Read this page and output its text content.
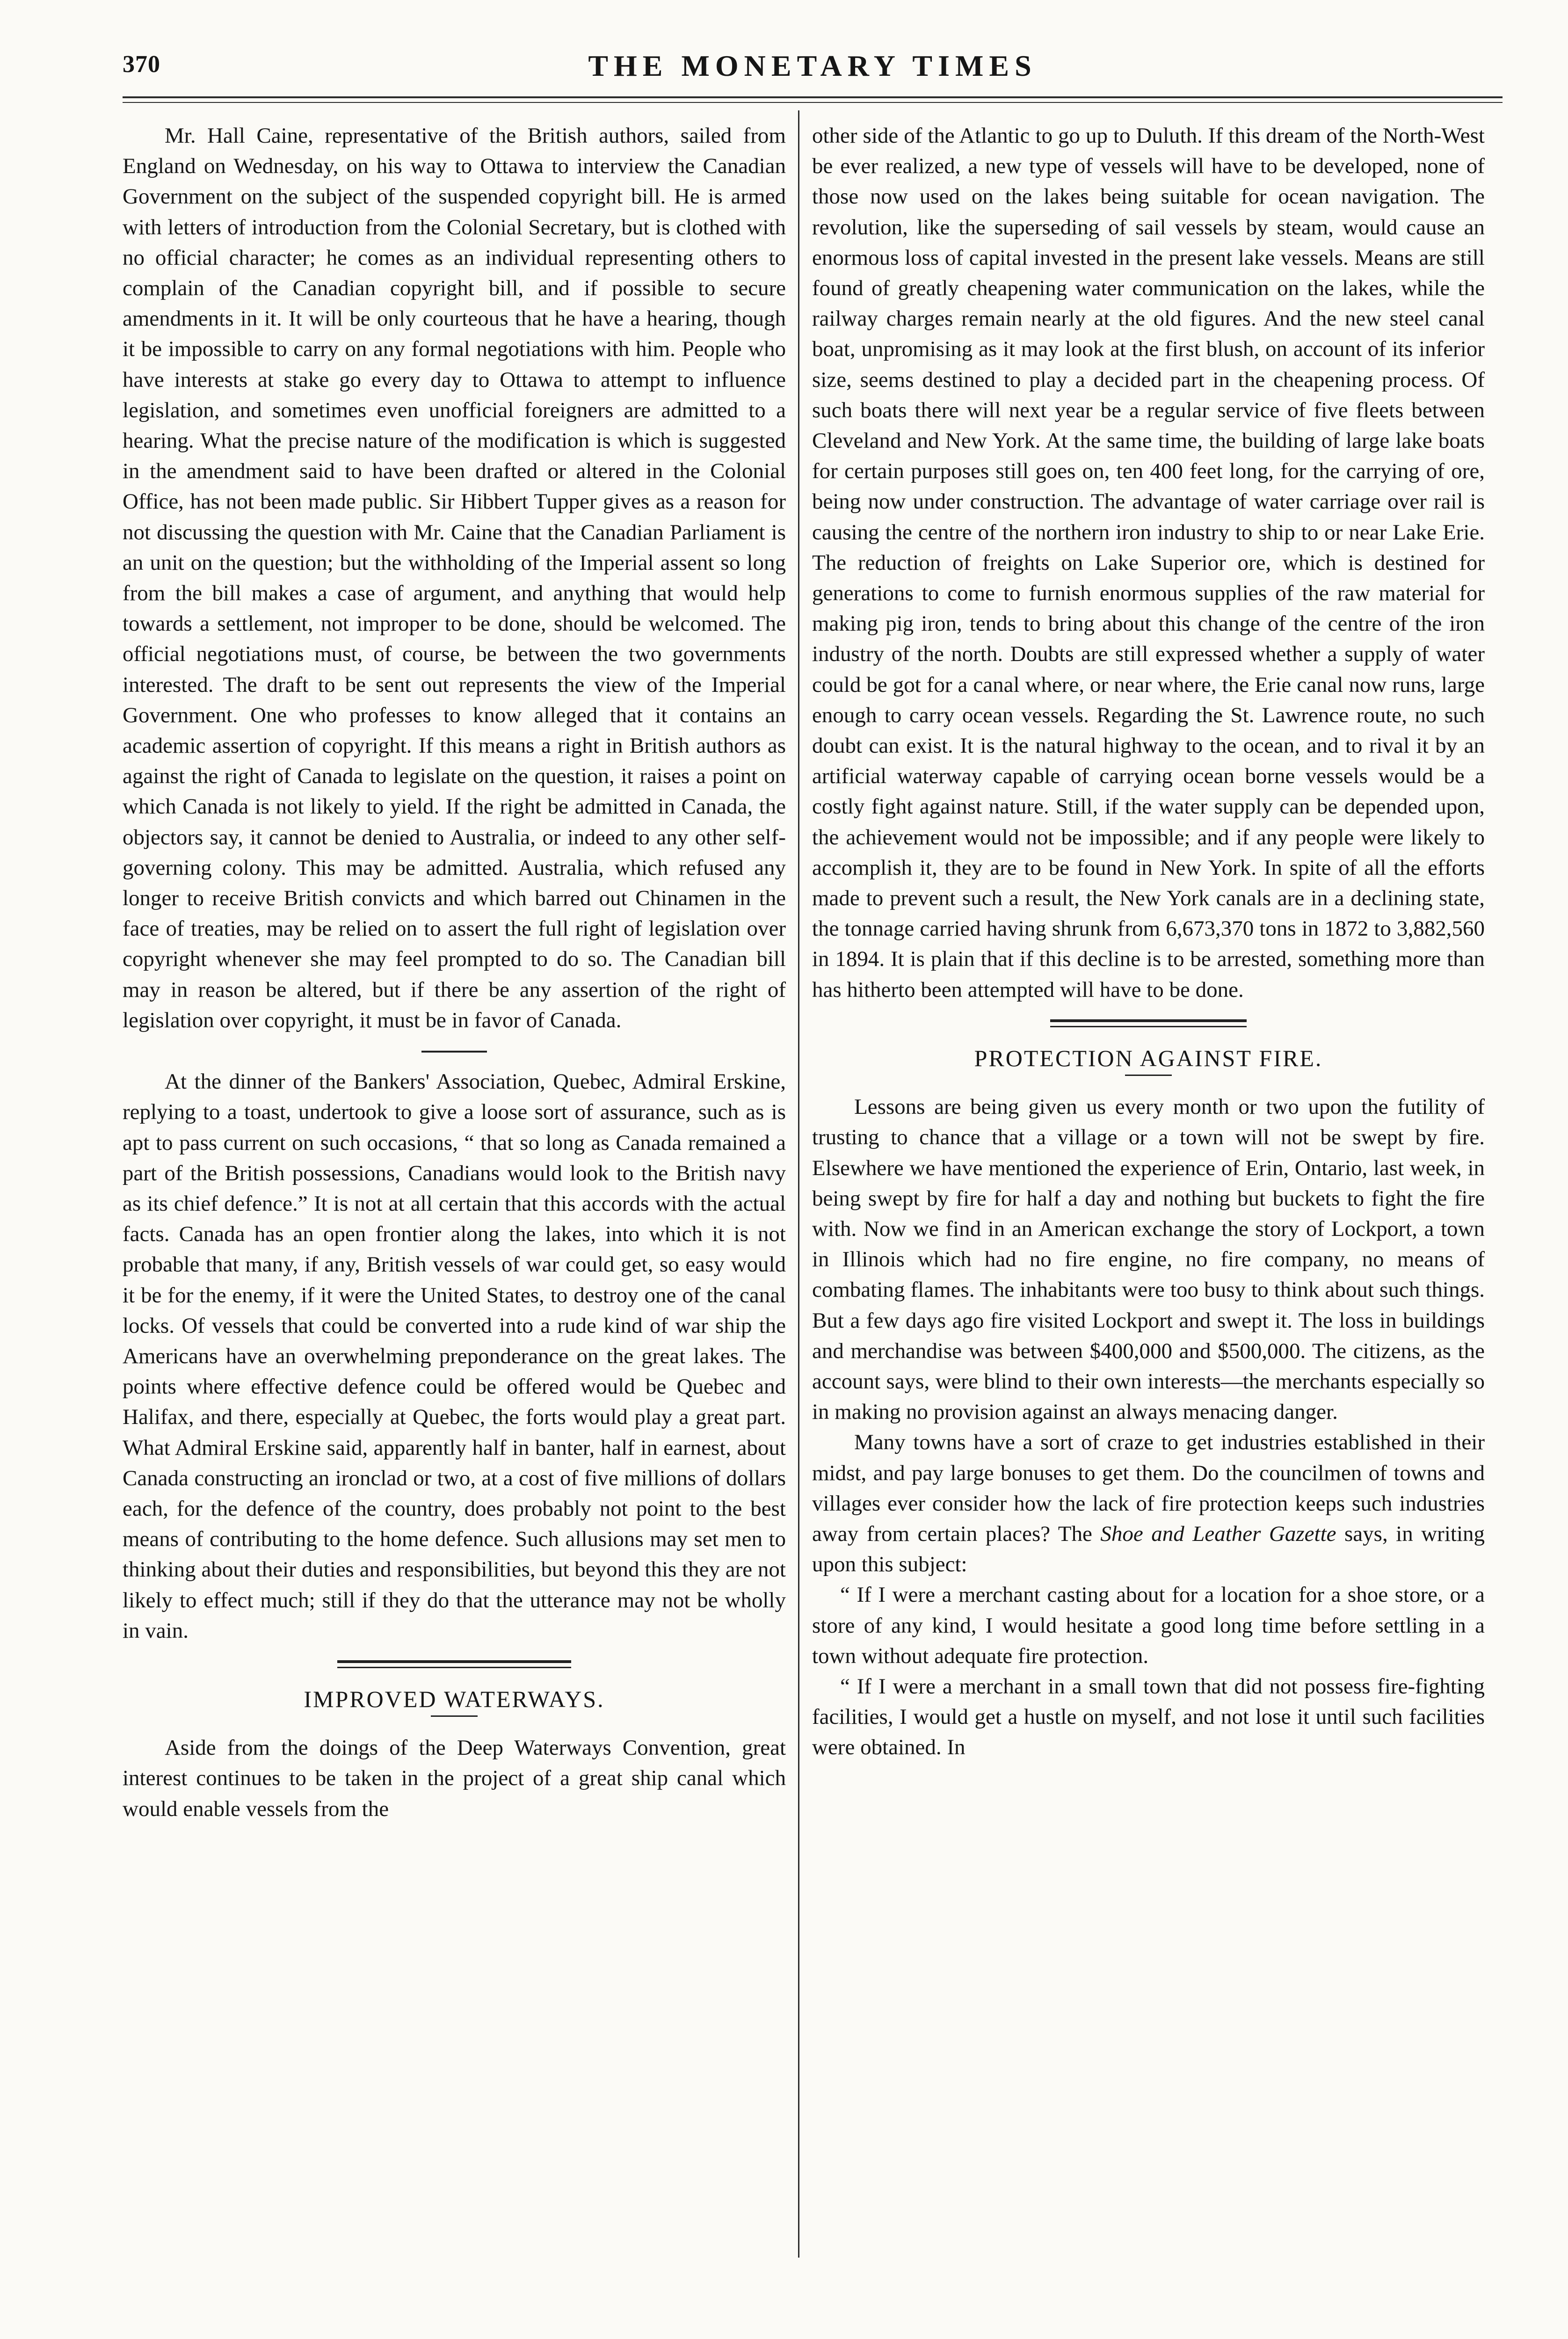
370	THE MONETARY TIMES

Mr. Hall Caine, representative of the British authors, sailed from England on Wednesday, on his way to Ottawa to interview the Canadian Government on the subject of the suspended copyright bill. He is armed with letters of introduction from the Colonial Secretary, but is clothed with no official character; he comes as an individual representing others to complain of the Canadian copyright bill, and if possible to secure amendments in it. It will be only courteous that he have a hearing, though it be impossible to carry on any formal negotiations with him. People who have interests at stake go every day to Ottawa to attempt to influence legislation, and sometimes even unofficial foreigners are admitted to a hearing. What the precise nature of the modification is which is suggested in the amendment said to have been drafted or altered in the Colonial Office, has not been made public. Sir Hibbert Tupper gives as a reason for not discussing the question with Mr. Caine that the Canadian Parliament is an unit on the question; but the withholding of the Imperial assent so long from the bill makes a case of argument, and anything that would help towards a settlement, not improper to be done, should be welcomed. The official negotiations must, of course, be between the two governments interested. The draft to be sent out represents the view of the Imperial Government. One who professes to know alleged that it contains an academic assertion of copyright. If this means a right in British authors as against the right of Canada to legislate on the question, it raises a point on which Canada is not likely to yield. If the right be admitted in Canada, the objectors say, it cannot be denied to Australia, or indeed to any other self-governing colony. This may be admitted. Australia, which refused any longer to receive British convicts and which barred out Chinamen in the face of treaties, may be relied on to assert the full right of legislation over copyright whenever she may feel prompted to do so. The Canadian bill may in reason be altered, but if there be any assertion of the right of legislation over copyright, it must be in favor of Canada.

At the dinner of the Bankers' Association, Quebec, Admiral Erskine, replying to a toast, undertook to give a loose sort of assurance, such as is apt to pass current on such occasions, “ that so long as Canada remained a part of the British possessions, Canadians would look to the British navy as its chief defence.” It is not at all certain that this accords with the actual facts. Canada has an open frontier along the lakes, into which it is not probable that many, if any, British vessels of war could get, so easy would it be for the enemy, if it were the United States, to destroy one of the canal locks. Of vessels that could be converted into a rude kind of war ship the Americans have an overwhelming preponderance on the great lakes. The points where effective defence could be offered would be Quebec and Halifax, and there, especially at Quebec, the forts would play a great part. What Admiral Erskine said, apparently half in banter, half in earnest, about Canada constructing an ironclad or two, at a cost of five millions of dollars each, for the defence of the country, does probably not point to the best means of contributing to the home defence. Such allusions may set men to thinking about their duties and responsibilities, but beyond this they are not likely to effect much; still if they do that the utterance may not be wholly in vain.

IMPROVED WATERWAYS.

Aside from the doings of the Deep Waterways Convention, great interest continues to be taken in the project of a great ship canal which would enable vessels from the

other side of the Atlantic to go up to Duluth. If this dream of the North-West be ever realized, a new type of vessels will have to be developed, none of those now used on the lakes being suitable for ocean navigation. The revolution, like the superseding of sail vessels by steam, would cause an enormous loss of capital invested in the present lake vessels. Means are still found of greatly cheapening water communication on the lakes, while the railway charges remain nearly at the old figures. And the new steel canal boat, unpromising as it may look at the first blush, on account of its inferior size, seems destined to play a decided part in the cheapening process. Of such boats there will next year be a regular service of five fleets between Cleveland and New York. At the same time, the building of large lake boats for certain purposes still goes on, ten 400 feet long, for the carrying of ore, being now under construction. The advantage of water carriage over rail is causing the centre of the northern iron industry to ship to or near Lake Erie. The reduction of freights on Lake Superior ore, which is destined for generations to come to furnish enormous supplies of the raw material for making pig iron, tends to bring about this change of the centre of the iron industry of the north. Doubts are still expressed whether a supply of water could be got for a canal where, or near where, the Erie canal now runs, large enough to carry ocean vessels. Regarding the St. Lawrence route, no such doubt can exist. It is the natural highway to the ocean, and to rival it by an artificial waterway capable of carrying ocean borne vessels would be a costly fight against nature. Still, if the water supply can be depended upon, the achievement would not be impossible; and if any people were likely to accomplish it, they are to be found in New York. In spite of all the efforts made to prevent such a result, the New York canals are in a declining state, the tonnage carried having shrunk from 6,673,370 tons in 1872 to 3,882,560 in 1894. It is plain that if this decline is to be arrested, something more than has hitherto been attempted will have to be done.

PROTECTION AGAINST FIRE.

Lessons are being given us every month or two upon the futility of trusting to chance that a village or a town will not be swept by fire. Elsewhere we have mentioned the experience of Erin, Ontario, last week, in being swept by fire for half a day and nothing but buckets to fight the fire with. Now we find in an American exchange the story of Lockport, a town in Illinois which had no fire engine, no fire company, no means of combating flames. The inhabitants were too busy to think about such things. But a few days ago fire visited Lockport and swept it. The loss in buildings and merchandise was between $400,000 and $500,000. The citizens, as the account says, were blind to their own interests—the merchants especially so in making no provision against an always menacing danger.

Many towns have a sort of craze to get industries established in their midst, and pay large bonuses to get them. Do the councilmen of towns and villages ever consider how the lack of fire protection keeps such industries away from certain places? The Shoe and Leather Gazette says, in writing upon this subject:

“ If I were a merchant casting about for a location for a shoe store, or a store of any kind, I would hesitate a good long time before settling in a town without adequate fire protection.

“ If I were a merchant in a small town that did not possess fire-fighting facilities, I would get a hustle on myself, and not lose it until such facilities were obtained. In
